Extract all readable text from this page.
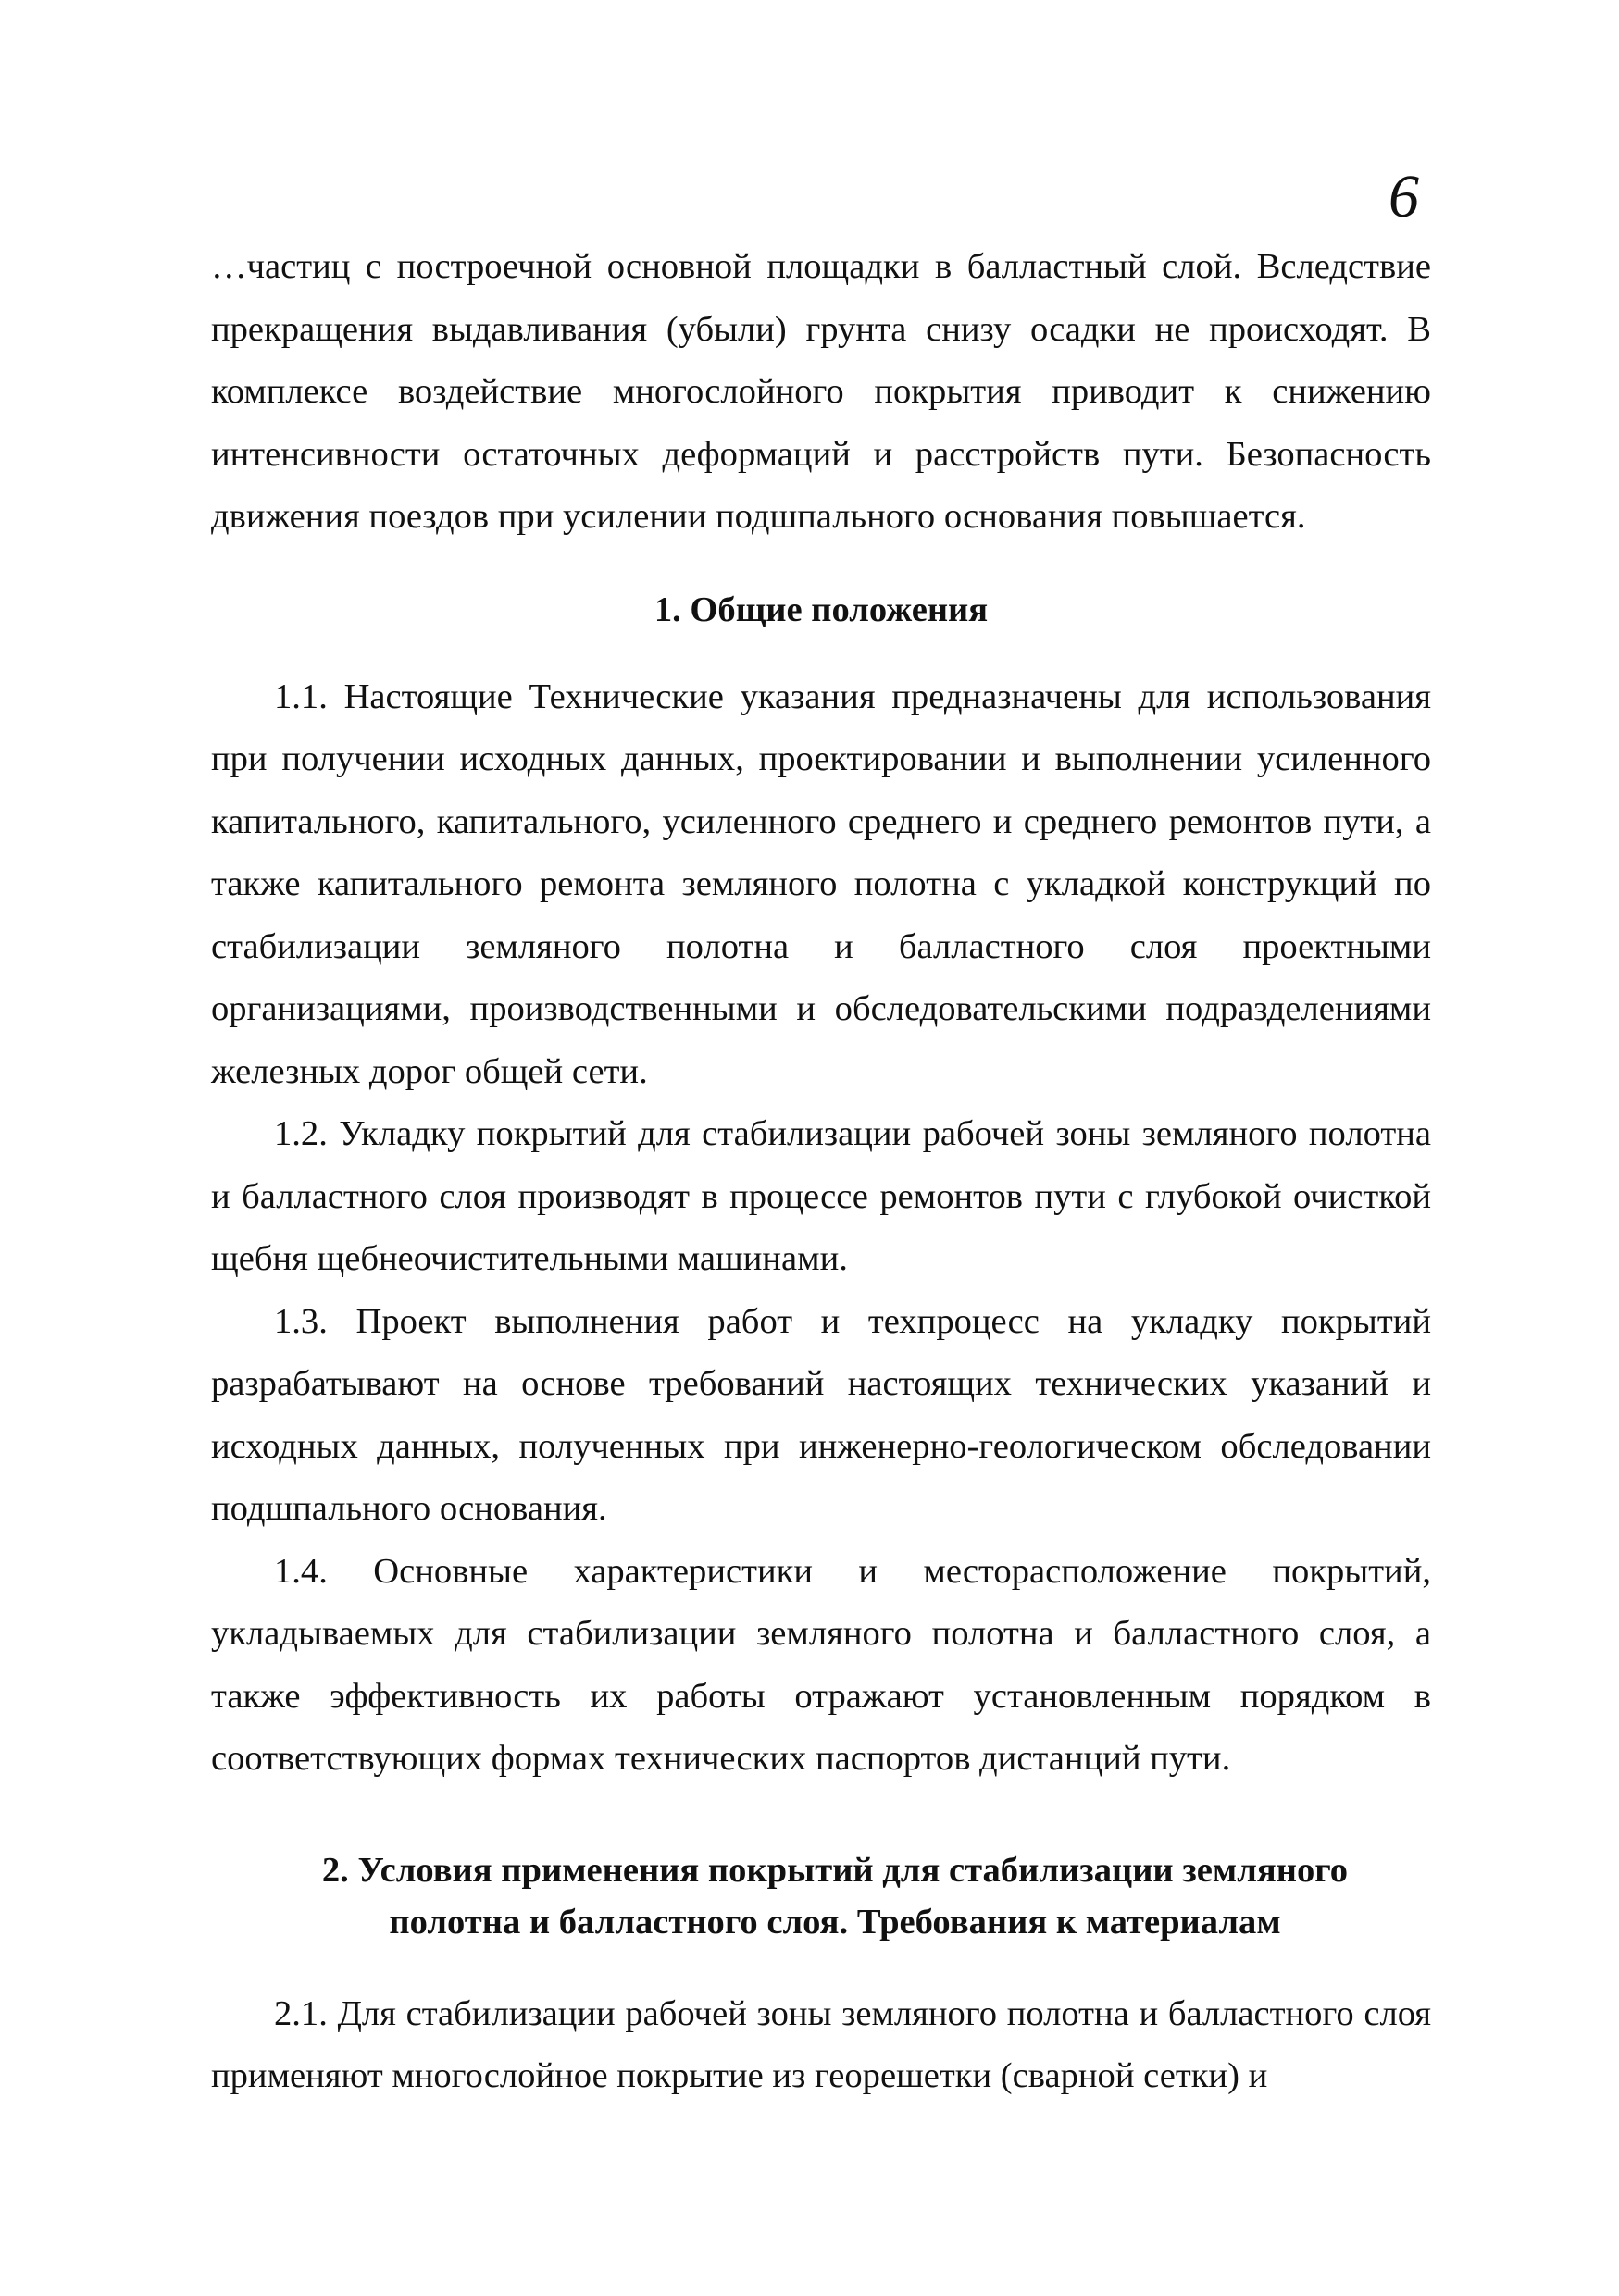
6

…частиц с построечной основной площадки в балластный слой. Вследствие прекращения выдавливания (убыли) грунта снизу осадки не происходят. В комплексе воздействие многослойного покрытия приводит к снижению интенсивности остаточных деформаций и расстройств пути. Безопасность движения поездов при усилении подшпального основания повышается.

1. Общие положения

1.1. Настоящие Технические указания предназначены для использования при получении исходных данных, проектировании и выполнении усиленного капитального, капитального, усиленного среднего и среднего ремонтов пути, а также капитального ремонта земляного полотна с укладкой конструкций по стабилизации земляного полотна и балластного слоя проектными организациями, производственными и обследовательскими подразделениями железных дорог общей сети.

1.2. Укладку покрытий для стабилизации рабочей зоны земляного полотна и балластного слоя производят в процессе ремонтов пути с глубокой очисткой щебня щебнеочистительными машинами.

1.3. Проект выполнения работ и техпроцесс на укладку покрытий разрабатывают на основе требований настоящих технических указаний и исходных данных, полученных при инженерно-геологическом обследовании подшпального основания.

1.4. Основные характеристики и месторасположение покрытий, укладываемых для стабилизации земляного полотна и балластного слоя, а также эффективность их работы отражают установленным порядком в соответствующих формах технических паспортов дистанций пути.

2. Условия применения покрытий для стабилизации земляного
полотна и балластного слоя. Требования к материалам

2.1. Для стабилизации рабочей зоны земляного полотна и балластного слоя применяют многослойное покрытие из георешетки (сварной сетки) и
